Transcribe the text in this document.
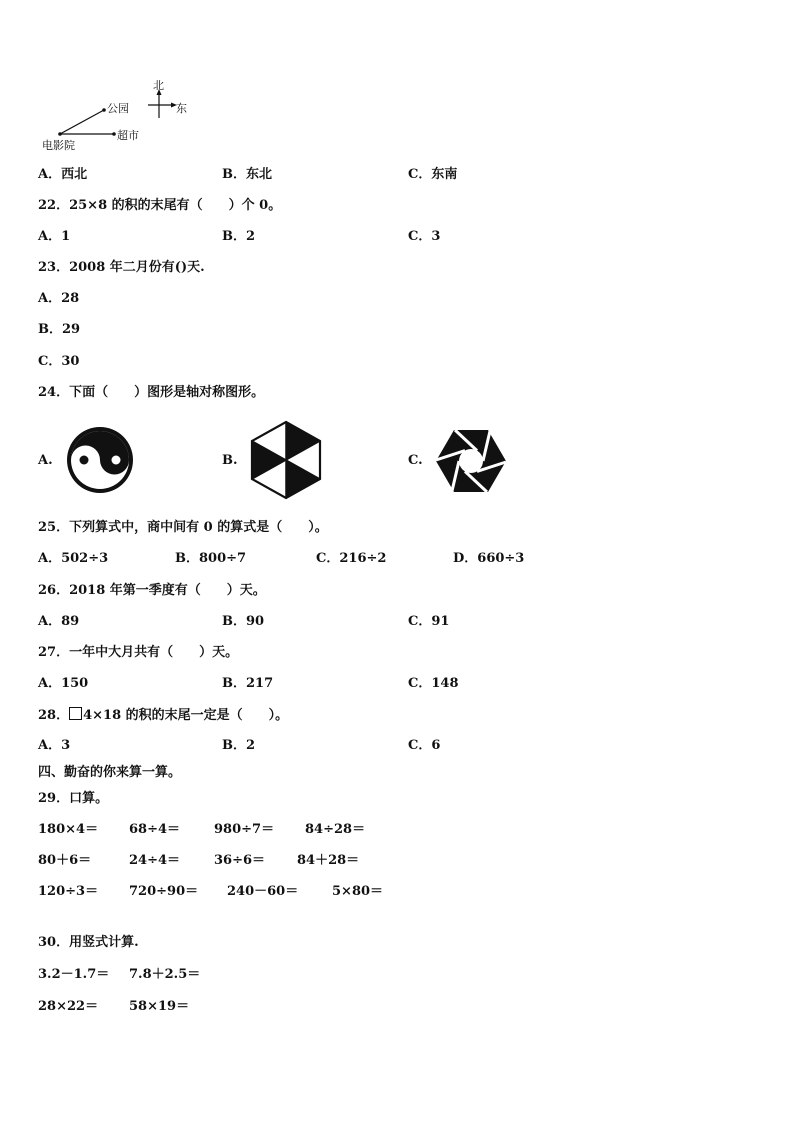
北
东
公园
超市
电影院
A．西北	B．东北	C．东南
22．25×8 的积的末尾有（　　）个 0。
A．1	B．2	C．3
23．2008 年二月份有()天.
A．28
B．29
C．30
24．下面（　　）图形是轴对称图形。
A.	B.	C.
25．下列算式中，商中间有 0 的算式是（　　）。
A．502÷3	B．800÷7	C．216÷2	D．660÷3
26．2018 年第一季度有（　　）天。
A．89	B．90	C．91
27．一年中大月共有（　　）天。
A．150	B．217	C．148
28． 4×18 的积的末尾一定是（　　）。
A．3	B．2	C．6
四、勤奋的你来算一算。
29．口算。
180×4＝ 68÷4＝	980÷7＝ 84÷28＝
80＋6＝	24÷4＝	36÷6＝ 84＋28＝
120÷3＝ 720÷90＝ 240－60＝	5×80＝
30．用竖式计算.
3.2－1.7＝ 7.8＋2.5＝
28×22＝ 58×19＝
